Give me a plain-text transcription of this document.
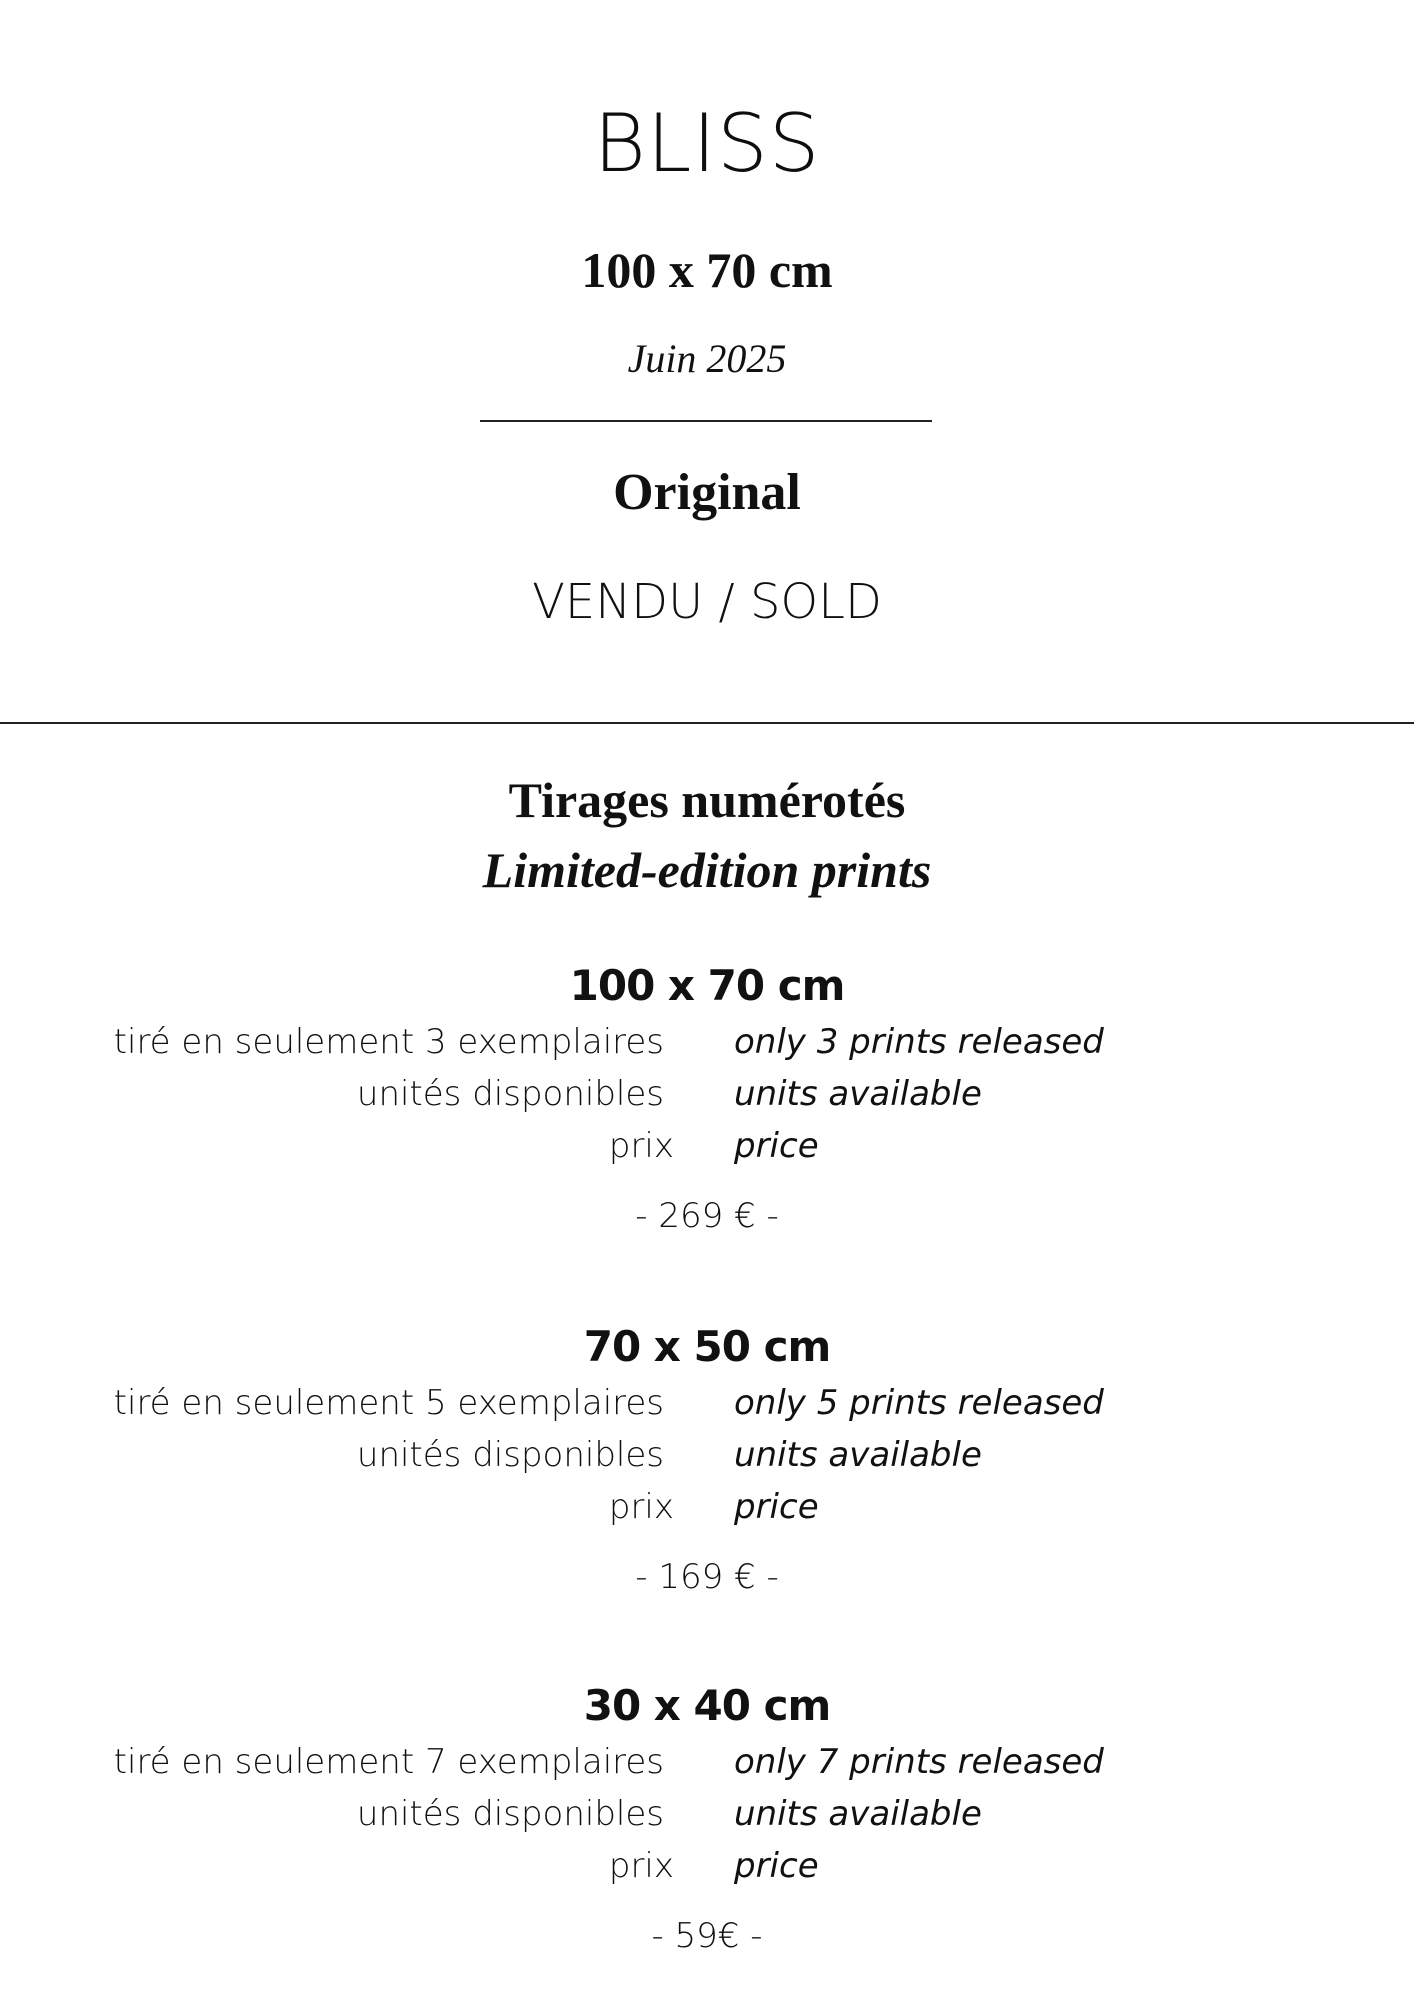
BLISS
100 x 70 cm
Juin 2025
Original
VENDU / SOLD
Tirages numérotés
Limited-edition prints
100 x 70 cm
tiré en seulement 3 exemplaires only 3 prints released
unités disponibles units available
prix price
- 269 € -
70 x 50 cm
tiré en seulement 5 exemplaires only 5 prints released
unités disponibles units available
prix price
- 169 € -
30 x 40 cm
tiré en seulement 7 exemplaires only 7 prints released
unités disponibles units available
prix price
- 59€ -
